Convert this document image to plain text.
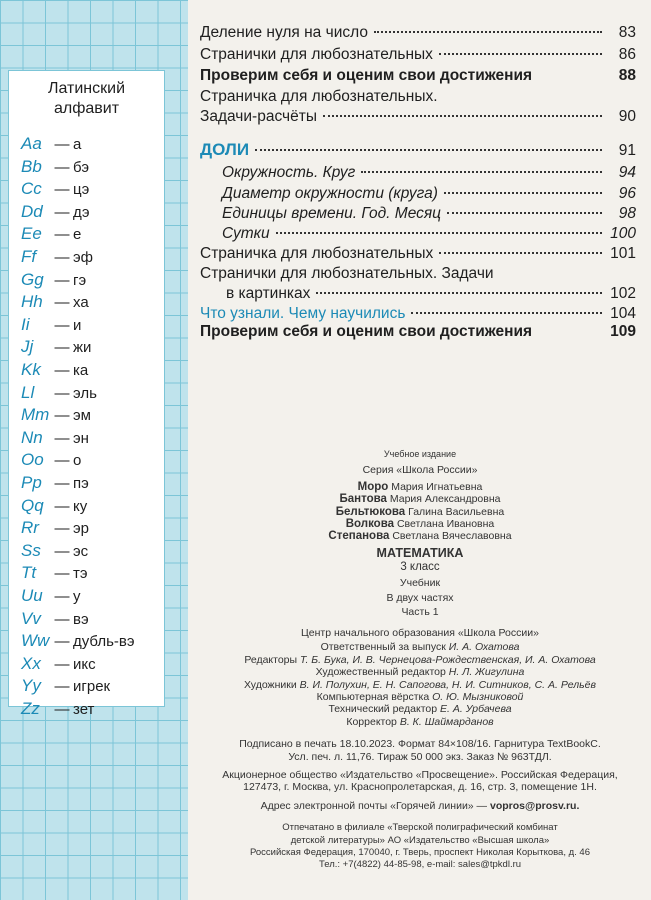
Латинский
алфавит
Aa — а
Bb — бэ
Cc — цэ
Dd — дэ
Ee — е
Ff — эф
Gg — гэ
Hh — ха
Ii — и
Jj — жи
Kk — ка
Ll — эль
Mm — эм
Nn — эн
Oo — о
Pp — пэ
Qq — ку
Rr — эр
Ss — эс
Tt — тэ
Uu — у
Vv — вэ
Ww — дубль-вэ
Xx — икс
Yy — игрек
Zz — зет
Деление нуля на число	83
Странички для любознательных	86
Проверим себя и оценим свои достижения	88
Страничка для любознательных.
Задачи-расчёты	90
ДОЛИ	91
Окружность. Круг	94
Диаметр окружности (круга)	96
Единицы времени. Год. Месяц	98
Сутки	100
Страничка для любознательных	101
Странички для любознательных. Задачи
в картинках	102
Что узнали. Чему научились	104
Проверим себя и оценим свои достижения	109
Учебное издание
Серия «Школа России»
Моро Мария Игнатьевна
Бантова Мария Александровна
Бельтюкова Галина Васильевна
Волкова Светлана Ивановна
Степанова Светлана Вячеславовна
МАТЕМАТИКА
3 класс
Учебник
В двух частях
Часть 1
Центр начального образования «Школа России»
Ответственный за выпуск И. А. Охатова
Редакторы Т. Б. Бука, И. В. Чернецова-Рождественская, И. А. Охатова
Художественный редактор Н. Л. Жигулина
Художники В. И. Полухин, Е. Н. Сапогова, Н. И. Ситников, С. А. Рельёв
Компьютерная вёрстка О. Ю. Мызниковой
Технический редактор Е. А. Урбачева
Корректор В. К. Шаймарданов
Подписано в печать 18.10.2023. Формат 84×108/16. Гарнитура TextBookC.
Усл. печ. л. 11,76. Тираж 50 000 экз. Заказ № 963ТДЛ.
Акционерное общество «Издательство «Просвещение». Российская Федерация,
127473, г. Москва, ул. Краснопролетарская, д. 16, стр. 3, помещение 1Н.
Адрес электронной почты «Горячей линии» — vopros@prosv.ru.
Отпечатано в филиале «Тверской полиграфический комбинат
детской литературы» АО «Издательство «Высшая школа»
Российская Федерация, 170040, г. Тверь, проспект Николая Корыткова, д. 46
Тел.: +7(4822) 44-85-98, e-mail: sales@tpkdl.ru
